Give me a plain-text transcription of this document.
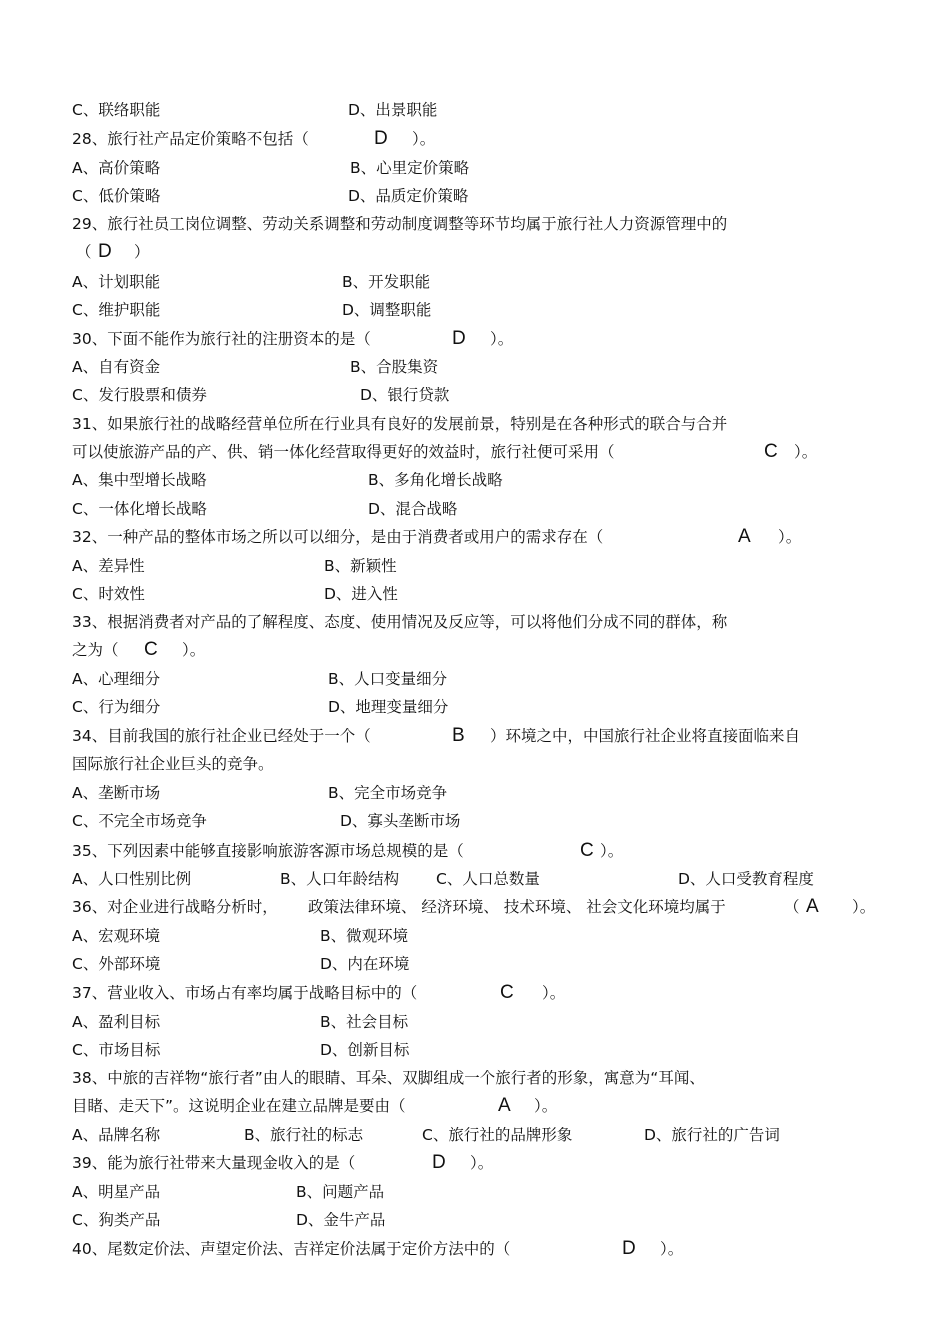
C、联络职能	D、出景职能
28、旅行社产品定价策略不包括（	D ）。
A、高价策略	B、心里定价策略
C、低价策略	D、品质定价策略
29、旅行社员工岗位调整、劳动关系调整和劳动制度调整等环节均属于旅行社人力资源管理中的
（ D ）
A、计划职能	B、开发职能
C、维护职能	D、调整职能
30、下面不能作为旅行社的注册资本的是（	D ）。
A、自有资金	B、合股集资
C、发行股票和债券	D、银行贷款
31、如果旅行社的战略经营单位所在行业具有良好的发展前景，特别是在各种形式的联合与合并
可以使旅游产品的产、供、销一体化经营取得更好的效益时，旅行社便可采用（	C ）。
A、集中型增长战略	B、多角化增长战略
C、一体化增长战略	D、混合战略
32、一种产品的整体市场之所以可以细分，是由于消费者或用户的需求存在（	A ）。
A、差异性	B、新颖性
C、时效性	D、进入性
33、根据消费者对产品的了解程度、态度、使用情况及反应等，可以将他们分成不同的群体，称
之为（ C ）。
A、心理细分	B、人口变量细分
C、行为细分	D、地理变量细分
34、目前我国的旅行社企业已经处于一个（	B ）环境之中，中国旅行社企业将直接面临来自
国际旅行社企业巨头的竞争。
A、垄断市场	B、完全市场竞争
C、不完全市场竞争	D、寡头垄断市场
35、下列因素中能够直接影响旅游客源市场总规模的是（	C ）。
A、人口性别比例	B、人口年龄结构 C、人口总数量	D、人口受教育程度
36、对企业进行战略分析时， 政策法律环境、 经济环境、 技术环境、 社会文化环境均属于	（ A ）。
A、宏观环境	B、微观环境
C、外部环境	D、内在环境
37、营业收入、市场占有率均属于战略目标中的（	C ）。
A、盈利目标	B、社会目标
C、市场目标	D、创新目标
38、中旅的吉祥物“旅行者”由人的眼睛、耳朵、双脚组成一个旅行者的形象，寓意为“耳闻、
目睹、走天下”。这说明企业在建立品牌是要由（	A ）。
A、品牌名称	B、旅行社的标志	C、旅行社的品牌形象	D、旅行社的广告词
39、能为旅行社带来大量现金收入的是（	D ）。
A、明星产品	B、问题产品
C、狗类产品	D、金牛产品
40、尾数定价法、声望定价法、吉祥定价法属于定价方法中的（	D ）。
